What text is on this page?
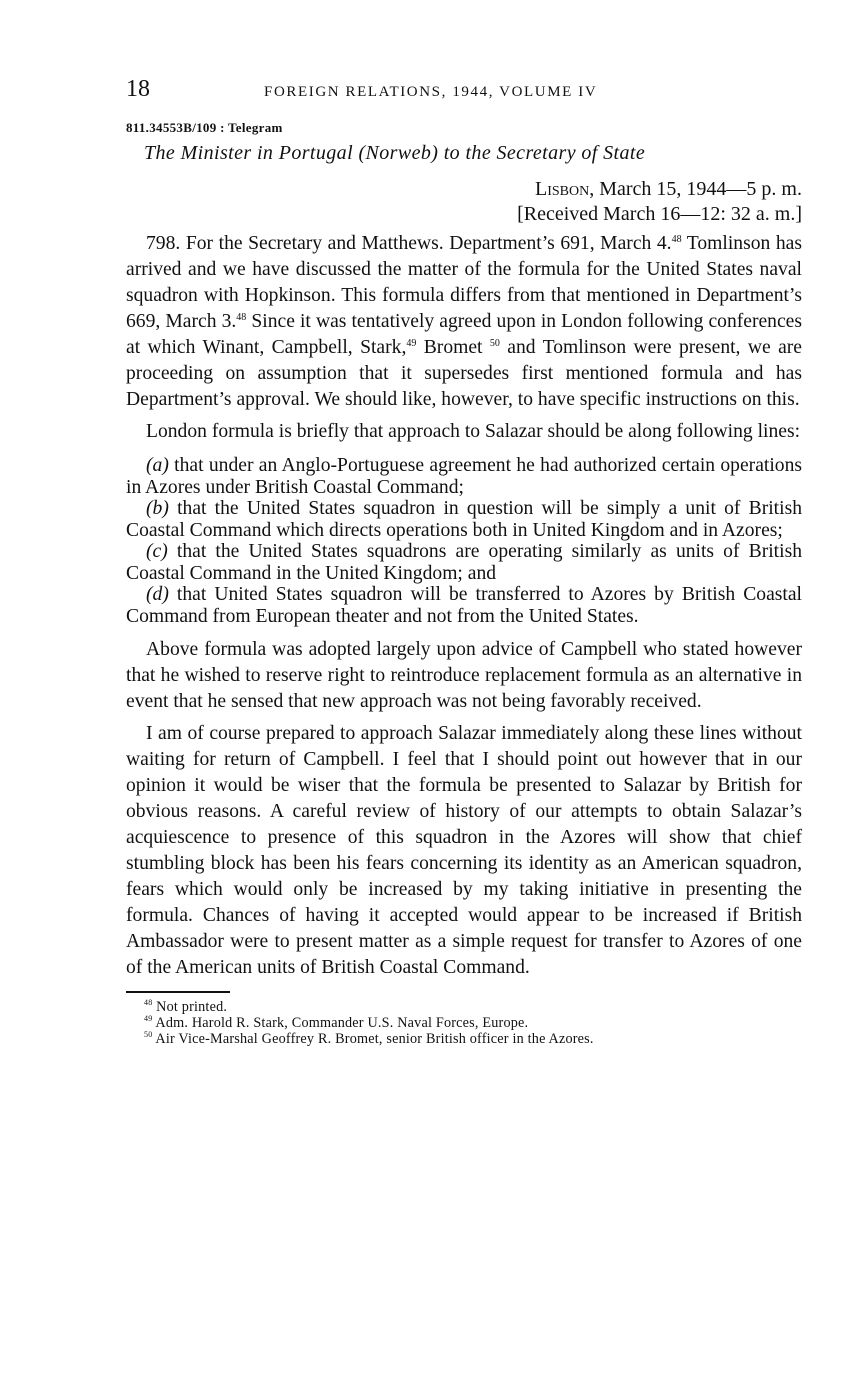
18	FOREIGN RELATIONS, 1944, VOLUME IV
811.34553B/109 : Telegram
The Minister in Portugal (Norweb) to the Secretary of State
Lisbon, March 15, 1944—5 p. m.
[Received March 16—12: 32 a. m.]

798. For the Secretary and Matthews. Department’s 691, March 4.48 Tomlinson has arrived and we have discussed the matter of the formula for the United States naval squadron with Hopkinson. This formula differs from that mentioned in Department’s 669, March 3.48 Since it was tentatively agreed upon in London following conferences at which Winant, Campbell, Stark,$^{49}$ Bromet $^{50}$ and Tomlinson were present, we are proceeding on assumption that it supersedes first mentioned formula and has Department’s approval. We should like, however, to have specific instructions on this.

London formula is briefly that approach to Salazar should be along following lines:

(a) that under an Anglo-Portuguese agreement he had authorized certain operations in Azores under British Coastal Command;

(b) that the United States squadron in question will be simply a unit of British Coastal Command which directs operations both in United Kingdom and in Azores;

(c) that the United States squadrons are operating similarly as units of British Coastal Command in the United Kingdom; and

(d) that United States squadron will be transferred to Azores by British Coastal Command from European theater and not from the United States.

Above formula was adopted largely upon advice of Campbell who stated however that he wished to reserve right to reintroduce replacement formula as an alternative in event that he sensed that new approach was not being favorably received.

I am of course prepared to approach Salazar immediately along these lines without waiting for return of Campbell. I feel that I should point out however that in our opinion it would be wiser that the formula be presented to Salazar by British for obvious reasons. A careful review of history of our attempts to obtain Salazar’s acquiescence to presence of this squadron in the Azores will show that chief stumbling block has been his fears concerning its identity as an American squadron, fears which would only be increased by my taking initiative in presenting the formula. Chances of having it accepted would appear to be increased if British Ambassador were to present matter as a simple request for transfer to Azores of one of the American units of British Coastal Command.

$^{48}$ Not printed.

$^{49}$ Adm. Harold R. Stark, Commander U.S. Naval Forces, Europe.

$^{50}$ Air Vice-Marshal Geoffrey R. Bromet, senior British officer in the Azores.
